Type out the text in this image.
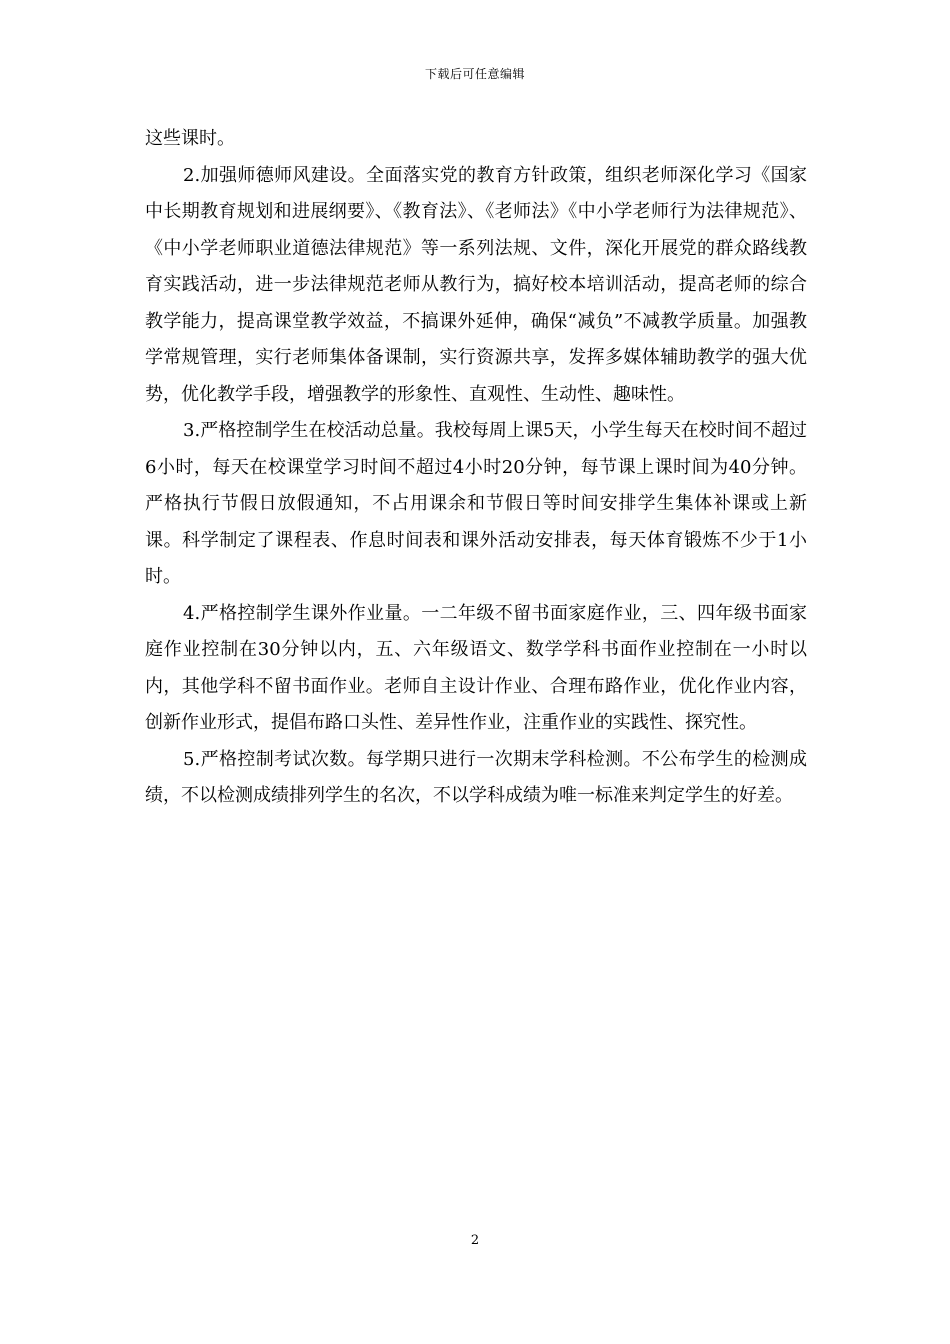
下载后可任意编辑

这些课时。

2.加强师德师风建设。全面落实党的教育方针政策，组织老师深化学习《国家中长期教育规划和进展纲要》、《教育法》、《老师法》《中小学老师行为法律规范》、《中小学老师职业道德法律规范》等一系列法规、文件，深化开展党的群众路线教育实践活动，进一步法律规范老师从教行为，搞好校本培训活动，提高老师的综合教学能力，提高课堂教学效益，不搞课外延伸，确保“减负”不减教学质量。加强教学常规管理，实行老师集体备课制，实行资源共享，发挥多媒体辅助教学的强大优势，优化教学手段，增强教学的形象性、直观性、生动性、趣味性。

3.严格控制学生在校活动总量。我校每周上课5天，小学生每天在校时间不超过6小时，每天在校课堂学习时间不超过4小时20分钟，每节课上课时间为40分钟。严格执行节假日放假通知，不占用课余和节假日等时间安排学生集体补课或上新课。科学制定了课程表、作息时间表和课外活动安排表，每天体育锻炼不少于1小时。

4.严格控制学生课外作业量。一二年级不留书面家庭作业，三、四年级书面家庭作业控制在30分钟以内，五、六年级语文、数学学科书面作业控制在一小时以内，其他学科不留书面作业。老师自主设计作业、合理布路作业，优化作业内容，创新作业形式，提倡布路口头性、差异性作业，注重作业的实践性、探究性。

5.严格控制考试次数。每学期只进行一次期末学科检测。不公布学生的检测成绩，不以检测成绩排列学生的名次，不以学科成绩为唯一标准来判定学生的好差。

2
